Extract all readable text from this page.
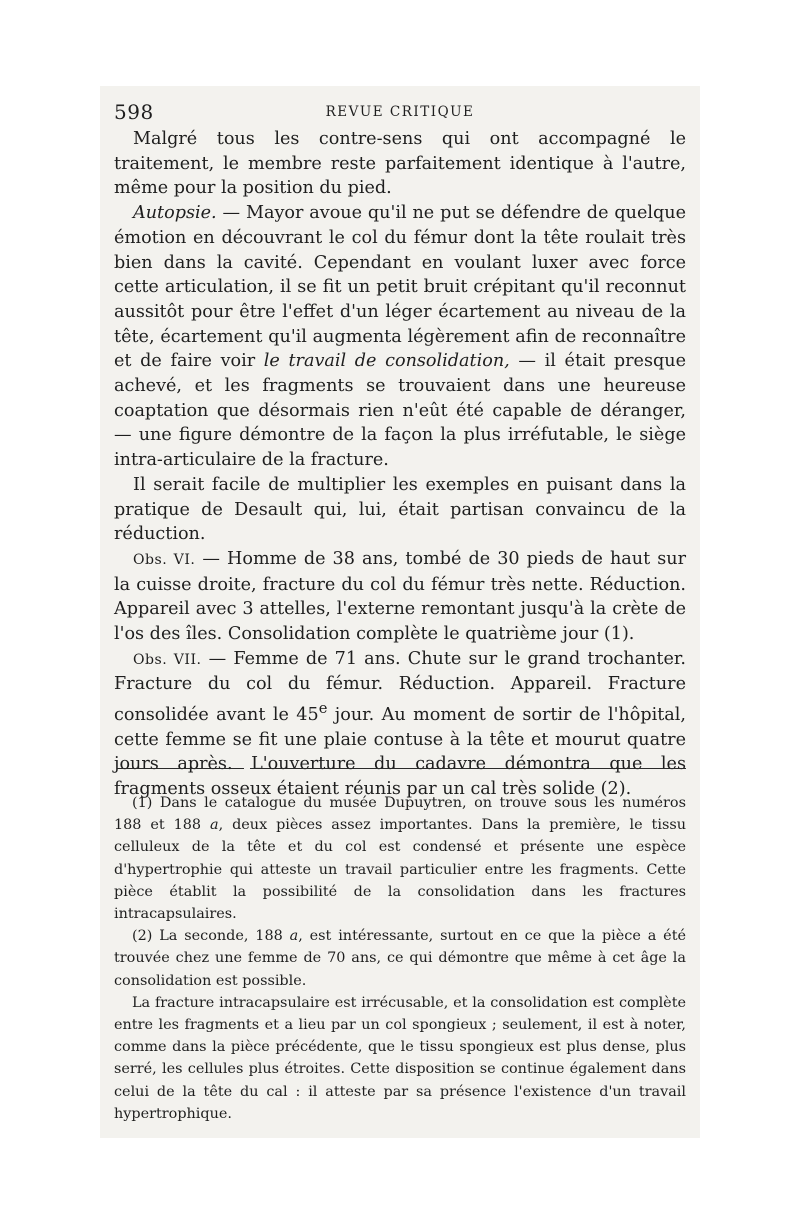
598	REVUE CRITIQUE

Malgré tous les contre-sens qui ont accompagné le traitement, le membre reste parfaitement identique à l'autre, même pour la position du pied.

Autopsie. — Mayor avoue qu'il ne put se défendre de quelque émotion en découvrant le col du fémur dont la tête roulait très bien dans la cavité. Cependant en voulant luxer avec force cette articulation, il se fit un petit bruit crépitant qu'il reconnut aussitôt pour être l'effet d'un léger écartement au niveau de la tête, écartement qu'il augmenta légèrement afin de reconnaître et de faire voir le travail de consolidation, — il était presque achevé, et les fragments se trouvaient dans une heureuse coaptation que désormais rien n'eût été capable de déranger, — une figure démontre de la façon la plus irréfutable, le siège intra-articulaire de la fracture.

Il serait facile de multiplier les exemples en puisant dans la pratique de Desault qui, lui, était partisan convaincu de la réduction.

Obs. VI. — Homme de 38 ans, tombé de 30 pieds de haut sur la cuisse droite, fracture du col du fémur très nette. Réduction. Appareil avec 3 attelles, l'externe remontant jusqu'à la crète de l'os des îles. Consolidation complète le quatrième jour (1).

Obs. VII. — Femme de 71 ans. Chute sur le grand trochanter. Fracture du col du fémur. Réduction. Appareil. Fracture consolidée avant le 45e jour. Au moment de sortir de l'hôpital, cette femme se fit une plaie contuse à la tête et mourut quatre jours après. L'ouverture du cadavre démontra que les fragments osseux étaient réunis par un cal très solide (2).

(1) Dans le catalogue du musée Dupuytren, on trouve sous les numéros 188 et 188 a, deux pièces assez importantes. Dans la première, le tissu celluleux de la tête et du col est condensé et présente une espèce d'hypertrophie qui atteste un travail particulier entre les fragments. Cette pièce établit la possibilité de la consolidation dans les fractures intracapsulaires.

(2) La seconde, 188 a, est intéressante, surtout en ce que la pièce a été trouvée chez une femme de 70 ans, ce qui démontre que même à cet âge la consolidation est possible.

La fracture intracapsulaire est irrécusable, et la consolidation est complète entre les fragments et a lieu par un col spongieux ; seulement, il est à noter, comme dans la pièce précédente, que le tissu spongieux est plus dense, plus serré, les cellules plus étroites. Cette disposition se continue également dans celui de la tête du cal : il atteste par sa présence l'existence d'un travail hypertrophique.
